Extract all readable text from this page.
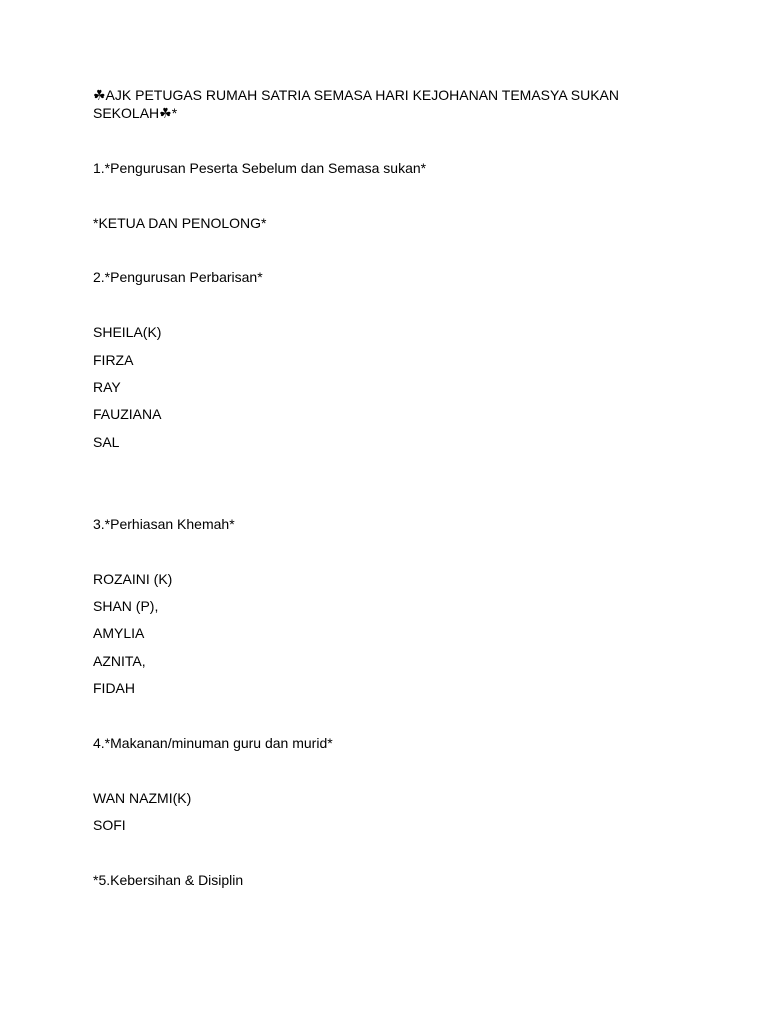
☘AJK PETUGAS RUMAH SATRIA SEMASA HARI KEJOHANAN TEMASYA SUKAN SEKOLAH☘*

1.*Pengurusan Peserta Sebelum dan Semasa sukan*

*KETUA DAN PENOLONG*

2.*Pengurusan Perbarisan*

SHEILA(K)

FIRZA

RAY

FAUZIANA

SAL

3.*Perhiasan Khemah*

ROZAINI (K)

SHAN (P),

AMYLIA

AZNITA,

FIDAH

4.*Makanan/minuman guru dan murid*

WAN NAZMI(K)

SOFI

*5.Kebersihan & Disiplin
